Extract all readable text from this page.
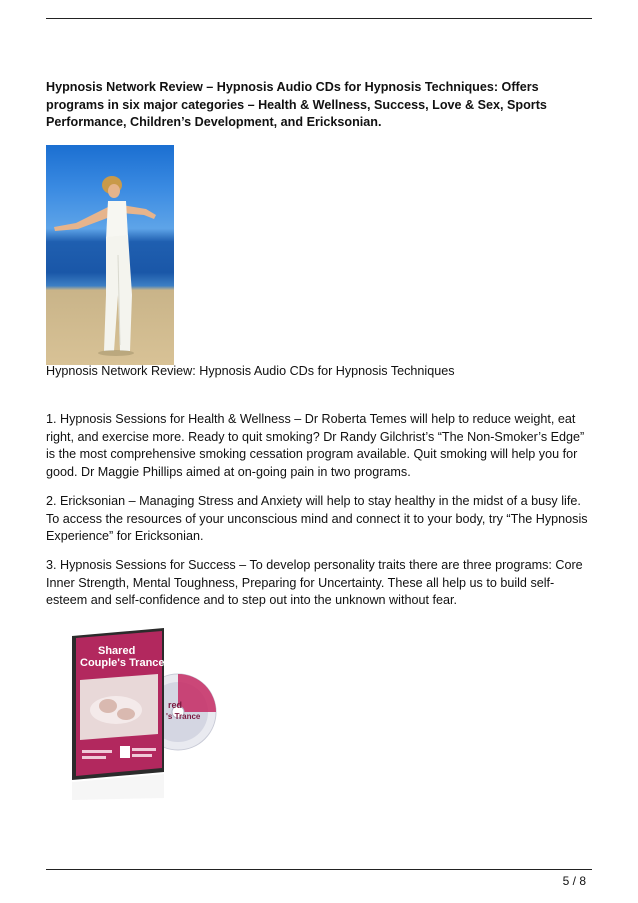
Hypnosis Network Review – Hypnosis Audio CDs for Hypnosis Techniques: Offers programs in six major categories – Health & Wellness, Success, Love & Sex, Sports Performance, Children’s Development, and Ericksonian.

Hypnosis Network Review: Hypnosis Audio CDs for Hypnosis Techniques

1. Hypnosis Sessions for Health & Wellness – Dr Roberta Temes will help to reduce weight, eat right, and exercise more. Ready to quit smoking? Dr Randy Gilchrist’s “The Non-Smoker’s Edge” is the most comprehensive smoking cessation program available. Quit smoking will help you for good. Dr Maggie Phillips aimed at on-going pain in two programs.

2. Ericksonian – Managing Stress and Anxiety will help to stay healthy in the midst of a busy life. To access the resources of your unconscious mind and connect it to your body, try “The Hypnosis Experience” for Ericksonian.

3. Hypnosis Sessions for Success – To develop personality traits there are three programs: Core Inner Strength, Mental Toughness, Preparing for Uncertainty. These all help us to build self-esteem and self-confidence and to step out into the unknown without fear.

red
's Trance
Shared
Couple's Trance
5 / 8
